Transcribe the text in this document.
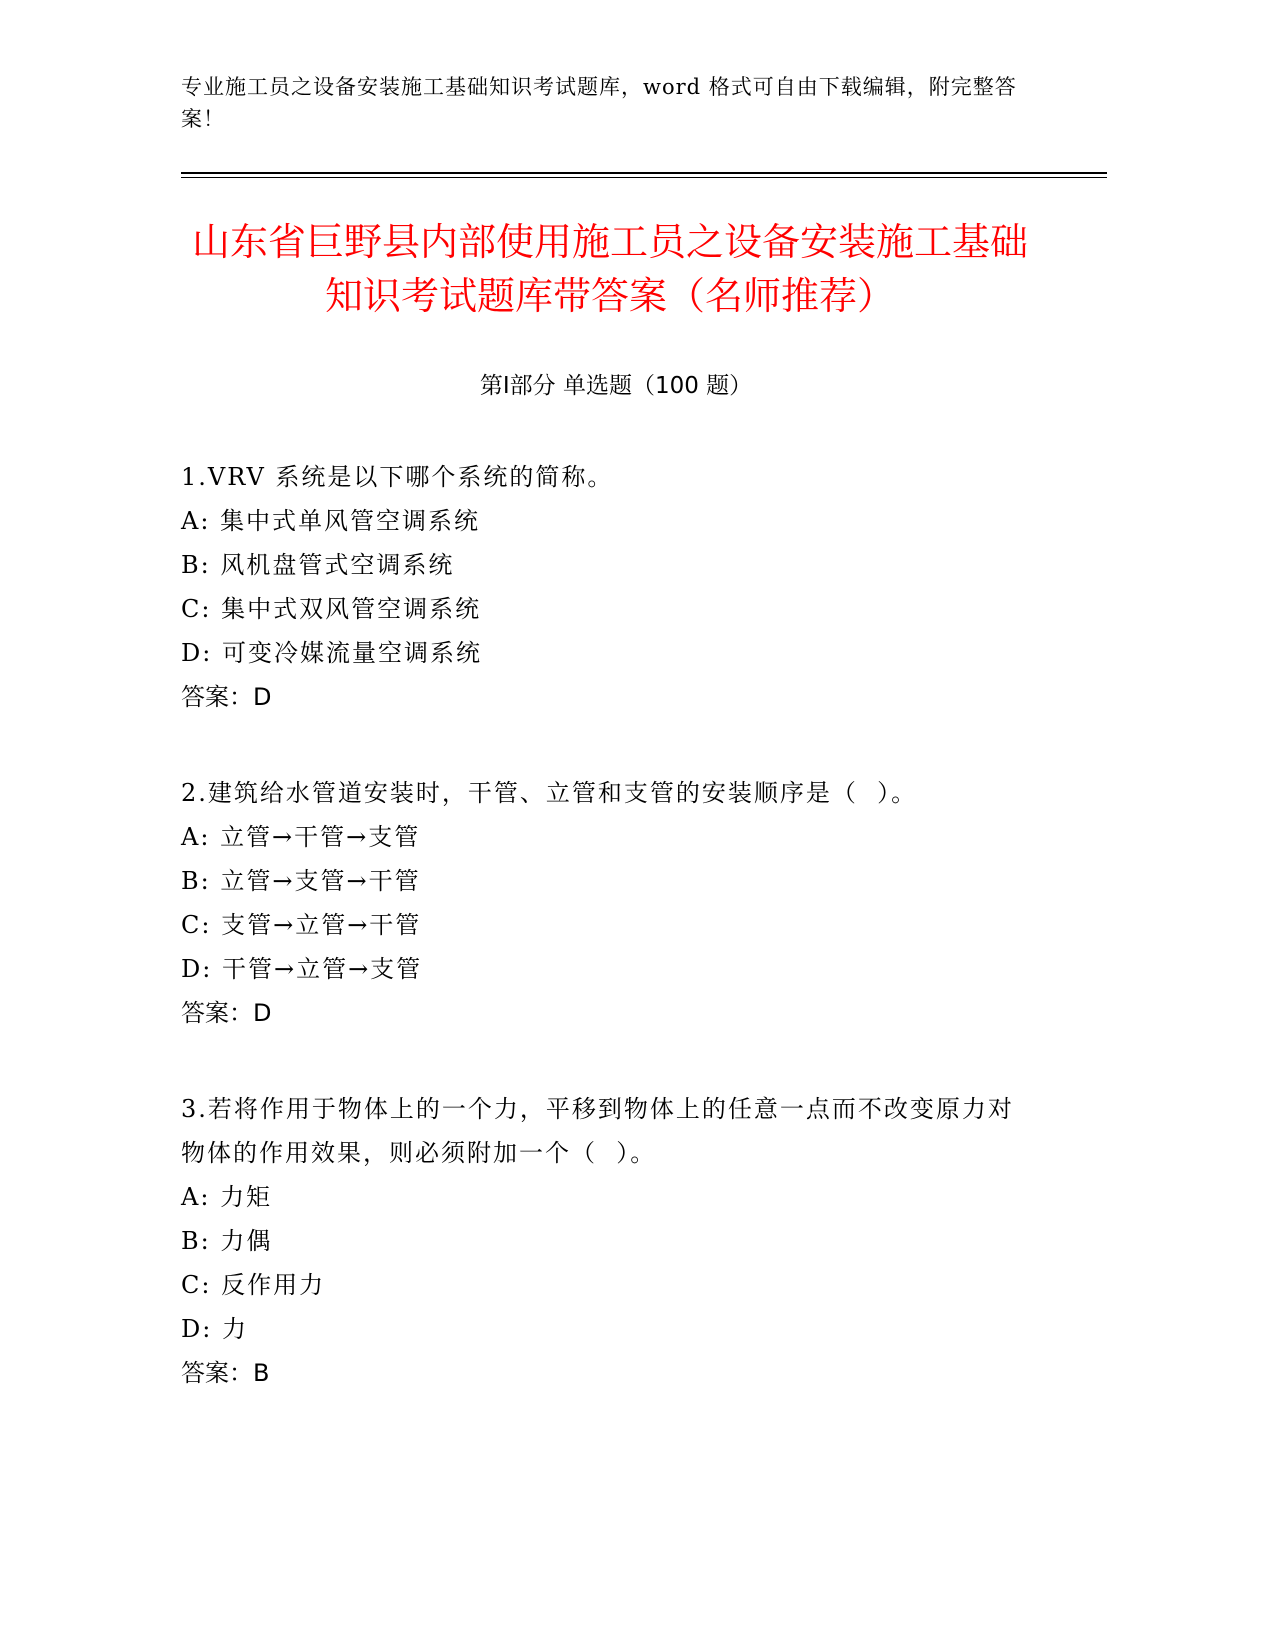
专业施工员之设备安装施工基础知识考试题库，word 格式可自由下载编辑，附完整答案！
山东省巨野县内部使用施工员之设备安装施工基础知识考试题库带答案（名师推荐）
第Ⅰ部分 单选题（100 题）
1.VRV 系统是以下哪个系统的简称。
A: 集中式单风管空调系统
B: 风机盘管式空调系统
C: 集中式双风管空调系统
D: 可变冷媒流量空调系统
答案：D
2.建筑给水管道安装时，干管、立管和支管的安装顺序是（  ）。
A: 立管→干管→支管
B: 立管→支管→干管
C: 支管→立管→干管
D: 干管→立管→支管
答案：D
3.若将作用于物体上的一个力，平移到物体上的任意一点而不改变原力对物体的作用效果，则必须附加一个（  ）。
A: 力矩
B: 力偶
C: 反作用力
D: 力
答案：B
